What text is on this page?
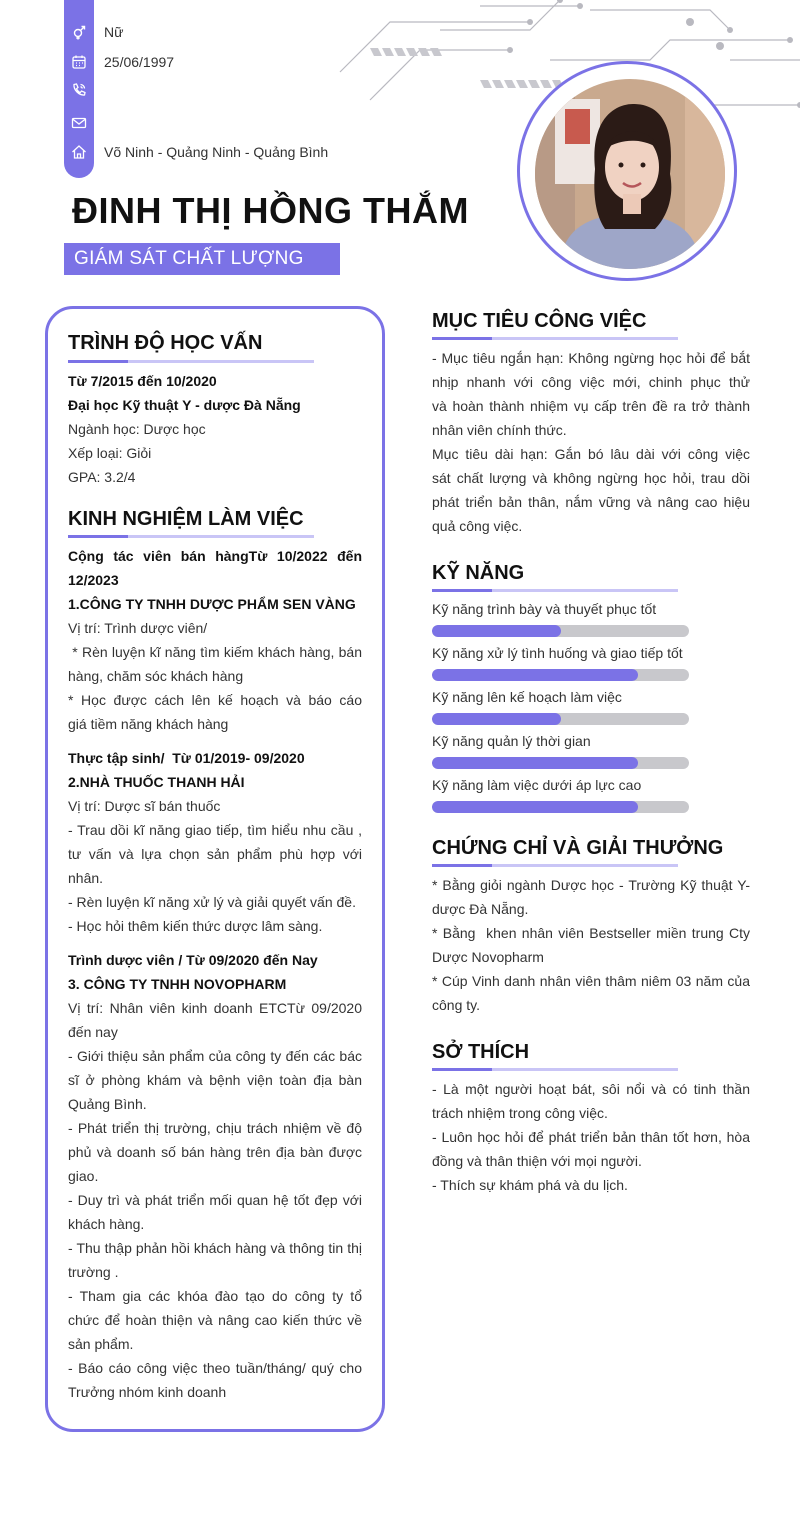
Nữ
25/06/1997
Võ Ninh - Quảng Ninh - Quảng Bình
ĐINH THỊ HỒNG THẮM
GIÁM SÁT CHẤT LƯỢNG
TRÌNH ĐỘ HỌC VẤN
Từ 7/2015 đến 10/2020
Đại học Kỹ thuật Y - dược Đà Nẵng
Ngành học: Dược học
Xếp loại: Giỏi
GPA: 3.2/4
KINH NGHIỆM LÀM VIỆC
Cộng tác viên bán hàngTừ 10/2022 đến
12/2023
1.CÔNG TY TNHH DƯỢC PHẨM SEN VÀNG
Vị trí: Trình dược viên/
* Rèn luyện kĩ năng tìm kiếm khách hàng, bán
hàng, chăm sóc khách hàng
* Học được cách lên kế hoạch và báo cáo
giá tiềm năng khách hàng
Thực tập sinh/  Từ 01/2019- 09/2020
2.NHÀ THUỐC THANH HẢI
Vị trí: Dược sĩ bán thuốc
- Trau dồi kĩ năng giao tiếp, tìm hiểu nhu cầu ,
tư vấn và lựa chọn sản phẩm phù hợp với
nhân.
- Rèn luyện kĩ năng xử lý và giải quyết vấn đề.
- Học hỏi thêm kiến thức dược lâm sàng.
Trình dược viên / Từ 09/2020 đến Nay
3. CÔNG TY TNHH NOVOPHARM
Vị trí: Nhân viên kinh doanh ETCTừ 09/2020
đến nay
- Giới thiệu sản phẩm của công ty đến các bác
sĩ ở phòng khám và bệnh viện toàn địa bàn
Quảng Bình.
- Phát triển thị trường, chịu trách nhiệm về độ
phủ và doanh số bán hàng trên địa bàn được
giao.
- Duy trì và phát triển mối quan hệ tốt đẹp với
khách hàng.
- Thu thập phản hồi khách hàng và thông tin thị
trường .
- Tham gia các khóa đào tạo do công ty tổ
chức để hoàn thiện và nâng cao kiến thức về
sản phẩm.
- Báo cáo công việc theo tuần/tháng/ quý cho
Trưởng nhóm kinh doanh
MỤC TIÊU CÔNG VIỆC
- Mục tiêu ngắn hạn: Không ngừng học hỏi để bắt
nhịp nhanh với công việc mới, chinh phục thử
và hoàn thành nhiệm vụ cấp trên đề ra trở thành
nhân viên chính thức.
Mục tiêu dài hạn: Gắn bó lâu dài với công việc
sát chất lượng và không ngừng học hỏi, trau dồi
phát triển bản thân, nắm vững và nâng cao hiệu
quả công việc.
KỸ NĂNG
Kỹ năng trình bày và thuyết phục tốt
Kỹ năng xử lý tình huống và giao tiếp tốt
Kỹ năng lên kế hoạch làm việc
Kỹ năng quản lý thời gian
Kỹ năng làm việc dưới áp lực cao
CHỨNG CHỈ VÀ GIẢI THƯỞNG
* Bằng giỏi ngành Dược học - Trường Kỹ thuật Y-
dược Đà Nẵng.
* Bằng  khen nhân viên Bestseller miền trung Cty
Dược Novopharm
* Cúp Vinh danh nhân viên thâm niêm 03 năm của
công ty.
SỞ THÍCH
- Là một người hoạt bát, sôi nổi và có tinh thần
trách nhiệm trong công việc.
- Luôn học hỏi để phát triển bản thân tốt hơn, hòa
đồng và thân thiện với mọi người.
- Thích sự khám phá và du lịch.
